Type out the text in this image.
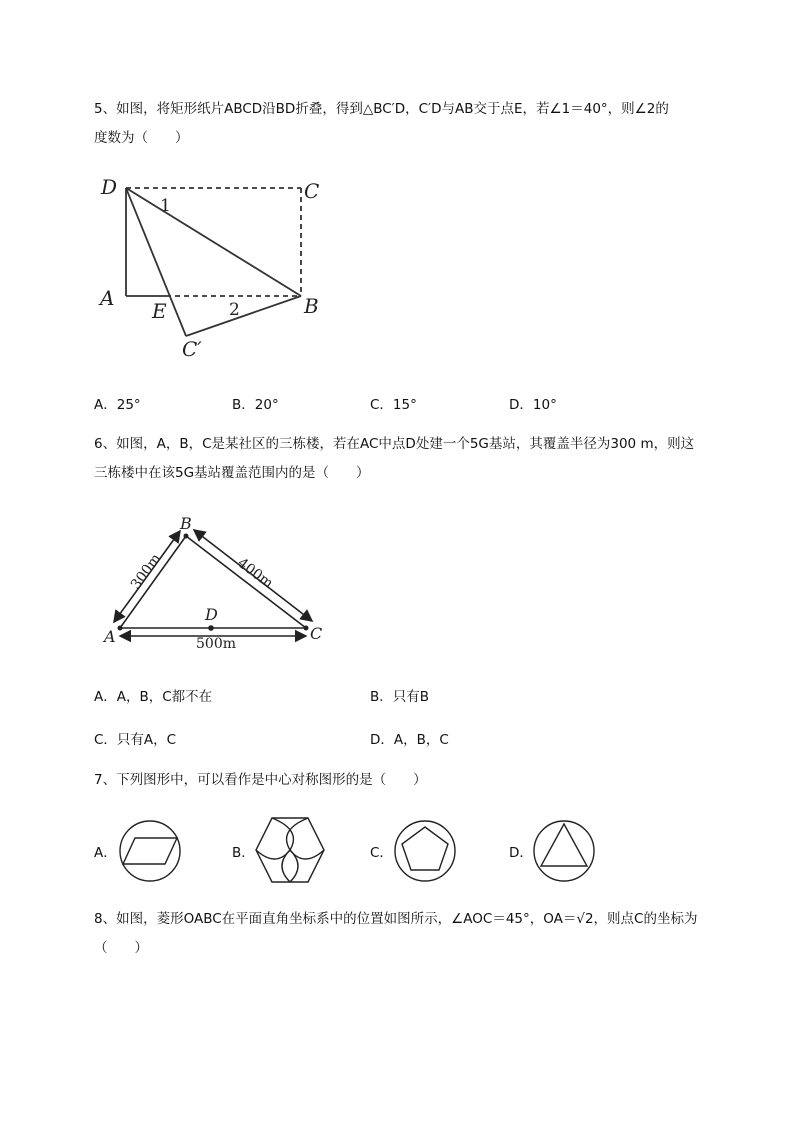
5、如图，将矩形纸片ABCD沿BD折叠，得到△BC′D，C′D与AB交于点E，若∠1＝40°，则∠2的
度数为（　　）
D	C
A
E	B
C′
1
2
A．25°	B．20°	C．15°	D．10°
6、如图，A，B，C是某社区的三栋楼，若在AC中点D处建一个5G基站，其覆盖半径为300 m，则这
三栋楼中在该5G基站覆盖范围内的是（　　）
A
B
C
D
300m	400m
500m
A．A，B，C都不在	B．只有B
C．只有A，C	D．A，B，C
7、下列图形中，可以看作是中心对称图形的是（　　）
A．	B．	C．	D．
8、如图，菱形OABC在平面直角坐标系中的位置如图所示，∠AOC＝45°，OA＝√2，则点C的坐标为
（　　）
